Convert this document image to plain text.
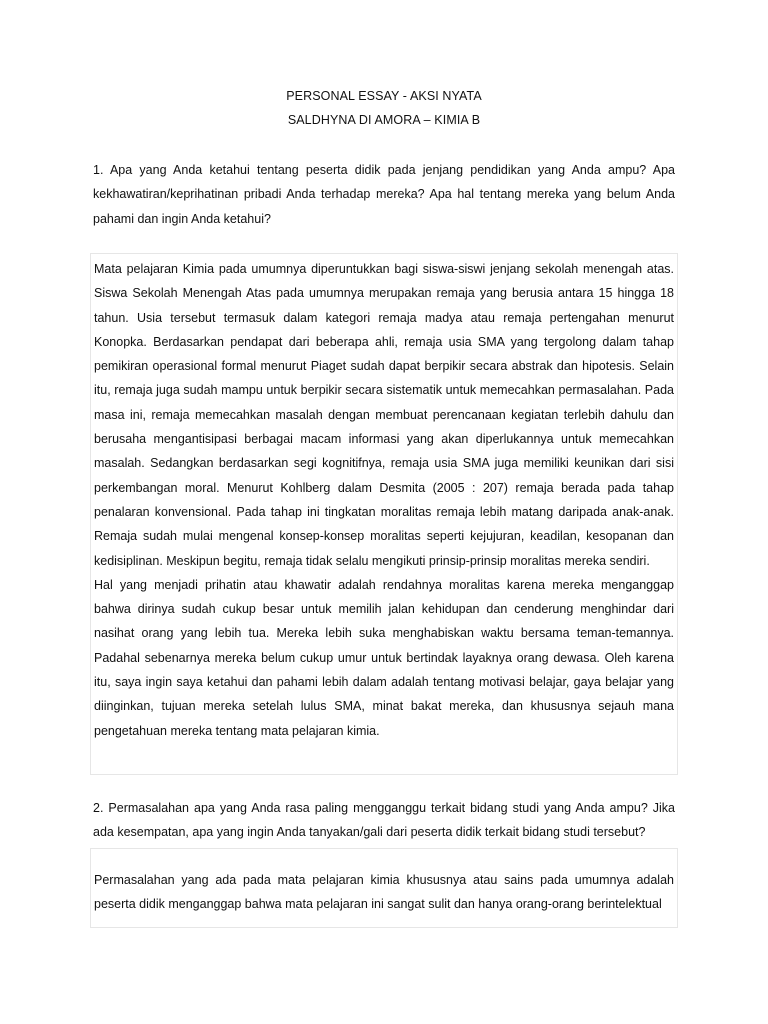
PERSONAL ESSAY - AKSI NYATA
SALDHYNA DI AMORA – KIMIA B
1. Apa yang Anda ketahui tentang peserta didik pada jenjang pendidikan yang Anda ampu? Apa kekhawatiran/keprihatinan pribadi Anda terhadap mereka? Apa hal tentang mereka yang belum Anda pahami dan ingin Anda ketahui?

Mata pelajaran Kimia pada umumnya diperuntukkan bagi siswa-siswi jenjang sekolah menengah atas. Siswa Sekolah Menengah Atas pada umumnya merupakan remaja yang berusia antara 15 hingga 18 tahun. Usia tersebut termasuk dalam kategori remaja madya atau remaja pertengahan menurut Konopka. Berdasarkan pendapat dari beberapa ahli, remaja usia SMA yang tergolong dalam tahap pemikiran operasional formal menurut Piaget sudah dapat berpikir secara abstrak dan hipotesis. Selain itu, remaja juga sudah mampu untuk berpikir secara sistematik untuk memecahkan permasalahan. Pada masa ini, remaja memecahkan masalah dengan membuat perencanaan kegiatan terlebih dahulu dan berusaha mengantisipasi berbagai macam informasi yang akan diperlukannya untuk memecahkan masalah. Sedangkan berdasarkan segi kognitifnya, remaja usia SMA juga memiliki keunikan dari sisi perkembangan moral. Menurut Kohlberg dalam Desmita (2005 : 207) remaja berada pada tahap penalaran konvensional. Pada tahap ini tingkatan moralitas remaja lebih matang daripada anak-anak. Remaja sudah mulai mengenal konsep-konsep moralitas seperti kejujuran, keadilan, kesopanan dan kedisiplinan. Meskipun begitu, remaja tidak selalu mengikuti prinsip-prinsip moralitas mereka sendiri.

Hal yang menjadi prihatin atau khawatir adalah rendahnya moralitas karena mereka menganggap bahwa dirinya sudah cukup besar untuk memilih jalan kehidupan dan cenderung menghindar dari nasihat orang yang lebih tua. Mereka lebih suka menghabiskan waktu bersama teman-temannya. Padahal sebenarnya mereka belum cukup umur untuk bertindak layaknya orang dewasa. Oleh karena itu, saya ingin saya ketahui dan pahami lebih dalam adalah tentang motivasi belajar, gaya belajar yang diinginkan, tujuan mereka setelah lulus SMA, minat bakat mereka, dan khususnya sejauh mana pengetahuan mereka tentang mata pelajaran kimia.

2. Permasalahan apa yang Anda rasa paling mengganggu terkait bidang studi yang Anda ampu? Jika ada kesempatan, apa yang ingin Anda tanyakan/gali dari peserta didik terkait bidang studi tersebut?

Permasalahan yang ada pada mata pelajaran kimia khususnya atau sains pada umumnya adalah peserta didik menganggap bahwa mata pelajaran ini sangat sulit dan hanya orang-orang berintelektual
